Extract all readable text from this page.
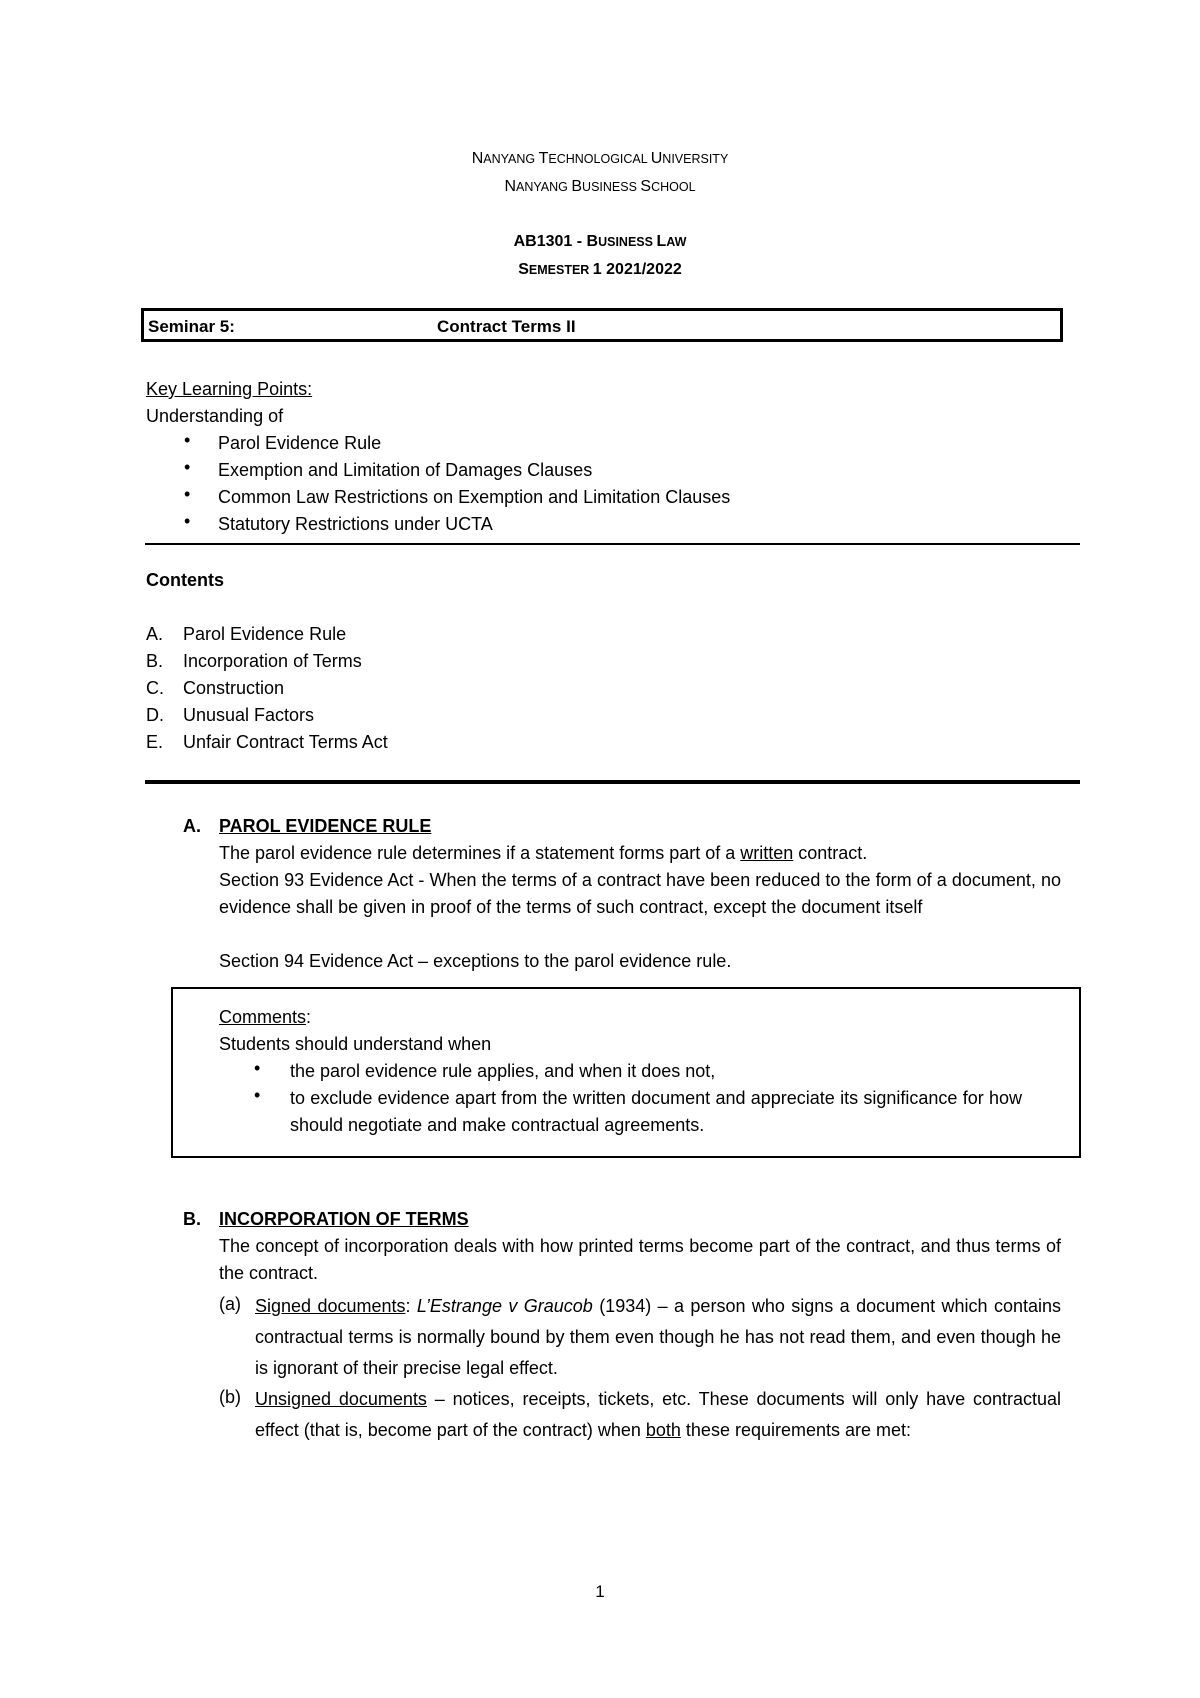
NANYANG TECHNOLOGICAL UNIVERSITY
NANYANG BUSINESS SCHOOL
AB1301 - BUSINESS LAW
SEMESTER 1 2021/2022
Seminar 5:	Contract Terms II
Key Learning Points:
Understanding of
• Parol Evidence Rule
• Exemption and Limitation of Damages Clauses
• Common Law Restrictions on Exemption and Limitation Clauses
• Statutory Restrictions under UCTA
Contents
A. Parol Evidence Rule
B. Incorporation of Terms
C. Construction
D. Unusual Factors
E. Unfair Contract Terms Act
A. PAROL EVIDENCE RULE
The parol evidence rule determines if a statement forms part of a written contract.
Section 93 Evidence Act - When the terms of a contract have been reduced to the form of a document, no evidence shall be given in proof of the terms of such contract, except the document itself
Section 94 Evidence Act – exceptions to the parol evidence rule.
Comments:
Students should understand when
• the parol evidence rule applies, and when it does not,
• to exclude evidence apart from the written document and appreciate its significance for how should negotiate and make contractual agreements.
B. INCORPORATION OF TERMS
The concept of incorporation deals with how printed terms become part of the contract, and thus terms of the contract.
(a) Signed documents: L’Estrange v Graucob (1934) – a person who signs a document which contains contractual terms is normally bound by them even though he has not read them, and even though he is ignorant of their precise legal effect.
(b) Unsigned documents – notices, receipts, tickets, etc. These documents will only have contractual effect (that is, become part of the contract) when both these requirements are met:
1
